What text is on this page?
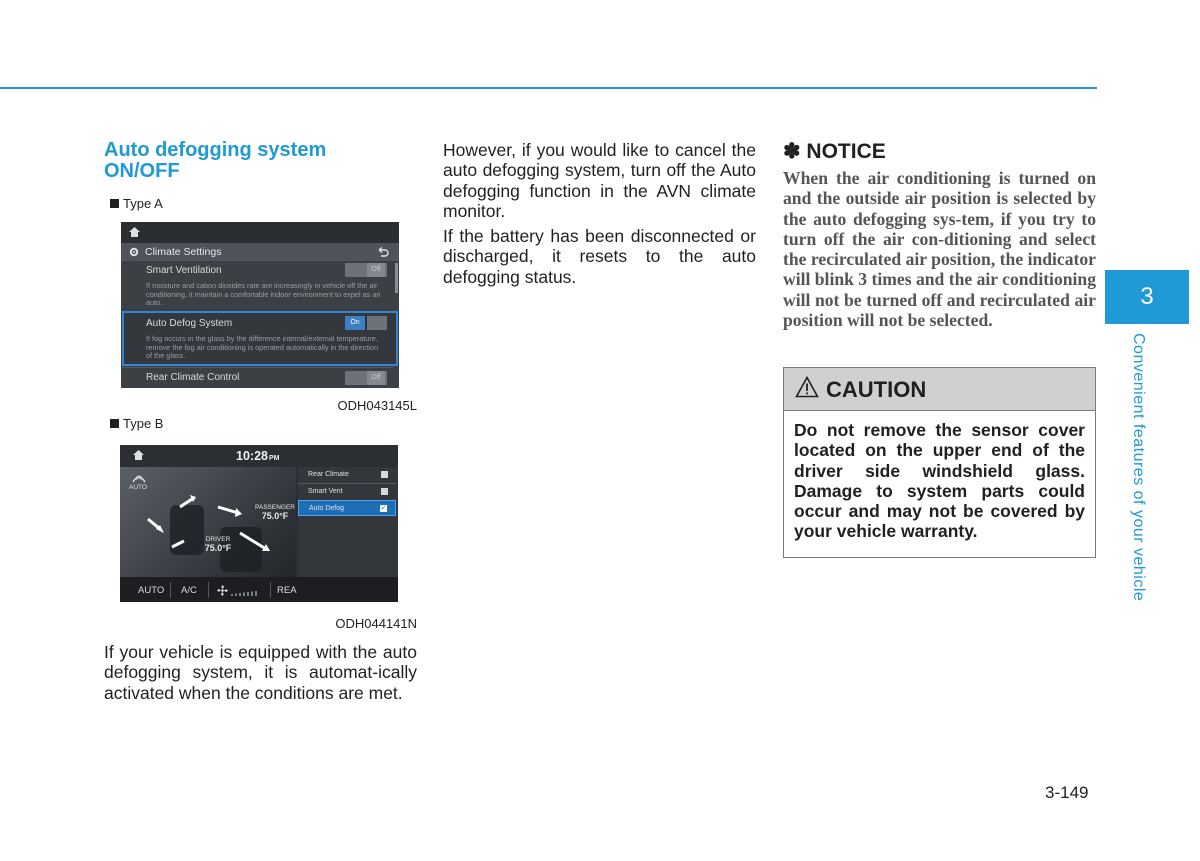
Auto defogging system ON/OFF
Type A
Climate Settings
Smart Ventilation	Off
If moisture and cabon dioxides rate are increasingly in vehicle off the air conditioning, it maintain a comfortable indoor environment to expel as an auto.
Auto Defog System	On
If fog occurs in the glass by the difference internal/external temperature, remove the fog air conditioning is operated automatically in the direction of the glass.
Rear Climate Control	Off
ODH043145L
Type B
10:28PM
AUTO
PASSENGER
75.0°F
DRIVER
75.0°F
Rear Climate
Smart Vent
Auto Defog	✓
AUTO A/C	REA
ODH044141N
If your vehicle is equipped with the auto defogging system, it is automat-ically activated when the conditions are met.
However, if you would like to cancel the auto defogging system, turn off the Auto defogging function in the AVN climate monitor.
If the battery has been disconnected or discharged, it resets to the auto defogging status.
✽ NOTICE
When the air conditioning is turned on and the outside air position is selected by the auto defogging sys-tem, if you try to turn off the air con-ditioning and select the recirculated air position, the indicator will blink 3 times and the air conditioning will not be turned off and recirculated air position will not be selected.
CAUTION
Do not remove the sensor cover located on the upper end of the driver side windshield glass. Damage to system parts could occur and may not be covered by your vehicle warranty.
3
Convenient features of your vehicle
3-149
